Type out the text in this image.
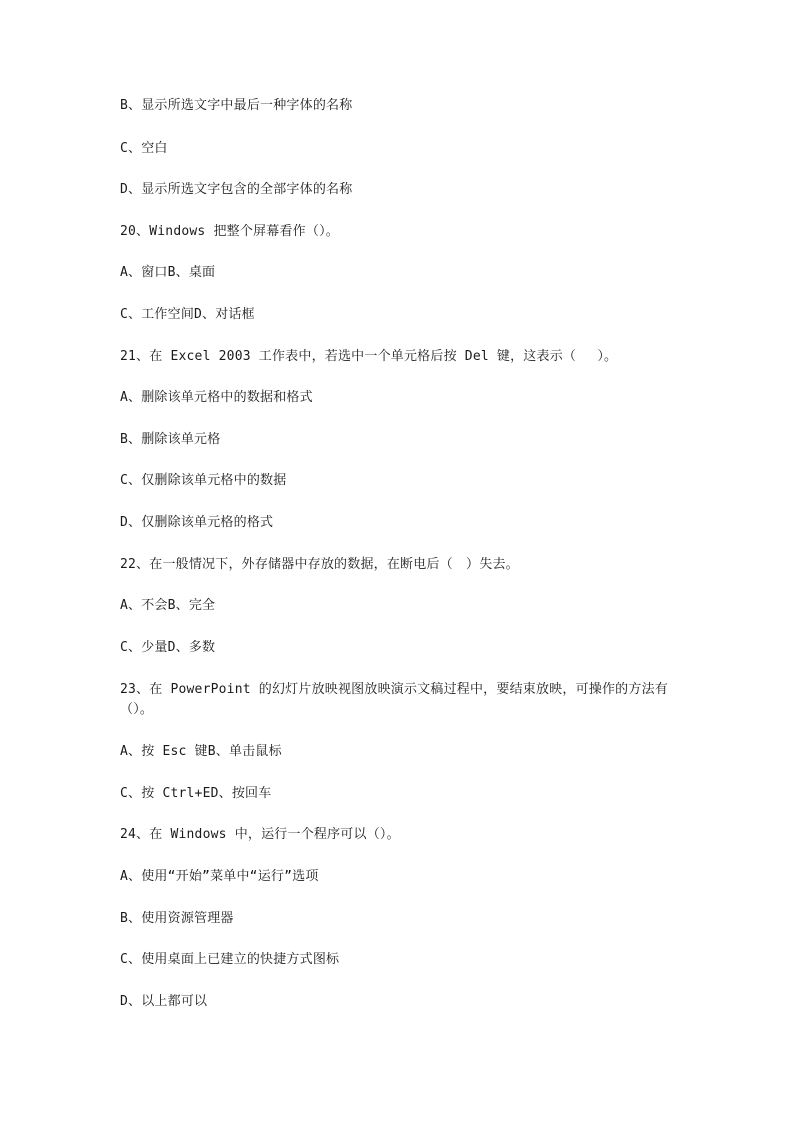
B、显示所选文字中最后一种字体的名称
C、空白
D、显示所选文字包含的全部字体的名称
20、Windows 把整个屏幕看作（）。
A、窗口B、桌面
C、工作空间D、对话框
21、在 Excel 2003 工作表中，若选中一个单元格后按 Del 键，这表示（　 ）。
A、删除该单元格中的数据和格式
B、删除该单元格
C、仅删除该单元格中的数据
D、仅删除该单元格的格式
22、在一般情况下，外存储器中存放的数据，在断电后（　）失去。
A、不会B、完全
C、少量D、多数
23、在 PowerPoint 的幻灯片放映视图放映演示文稿过程中，要结束放映，可操作的方法有（）。
A、按 Esc 键B、单击鼠标
C、按 Ctrl+ED、按回车
24、在 Windows 中，运行一个程序可以（）。
A、使用“开始”菜单中“运行”选项
B、使用资源管理器
C、使用桌面上已建立的快捷方式图标
D、以上都可以
